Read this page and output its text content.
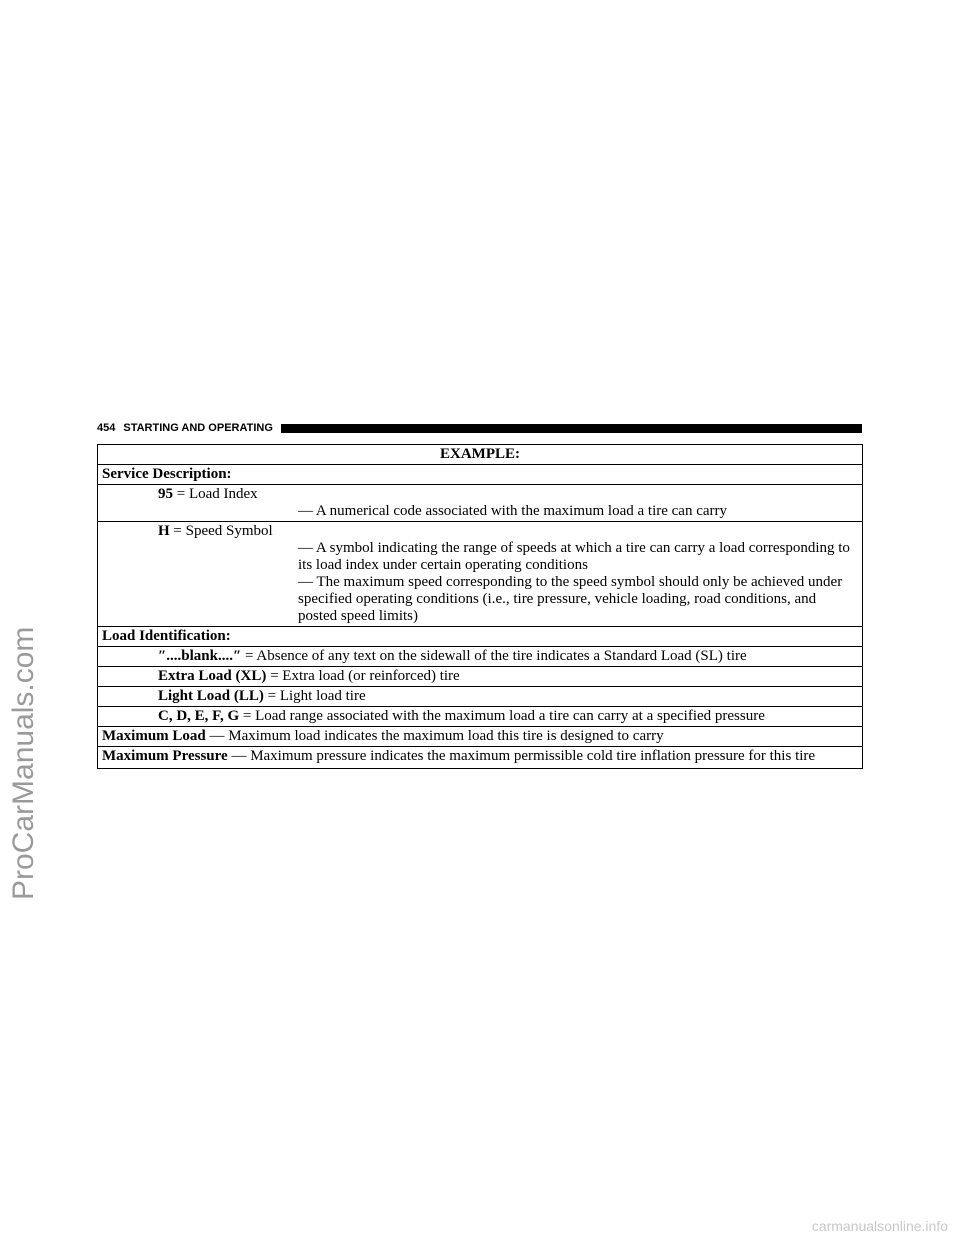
ProCarManuals.com
carmanualsonline.info
454 STARTING AND OPERATING
EXAMPLE:
Service Description:
95 = Load Index
— A numerical code associated with the maximum load a tire can carry

H = Speed Symbol
— A symbol indicating the range of speeds at which a tire can carry a load corresponding to its load index under certain operating conditions
— The maximum speed corresponding to the speed symbol should only be achieved under specified operating conditions (i.e., tire pressure, vehicle loading, road conditions, and posted speed limits)

Load Identification:
″....blank....″ = Absence of any text on the sidewall of the tire indicates a Standard Load (SL) tire
Extra Load (XL) = Extra load (or reinforced) tire
Light Load (LL) = Light load tire
C, D, E, F, G = Load range associated with the maximum load a tire can carry at a specified pressure
Maximum Load — Maximum load indicates the maximum load this tire is designed to carry
Maximum Pressure — Maximum pressure indicates the maximum permissible cold tire inflation pressure for this tire
